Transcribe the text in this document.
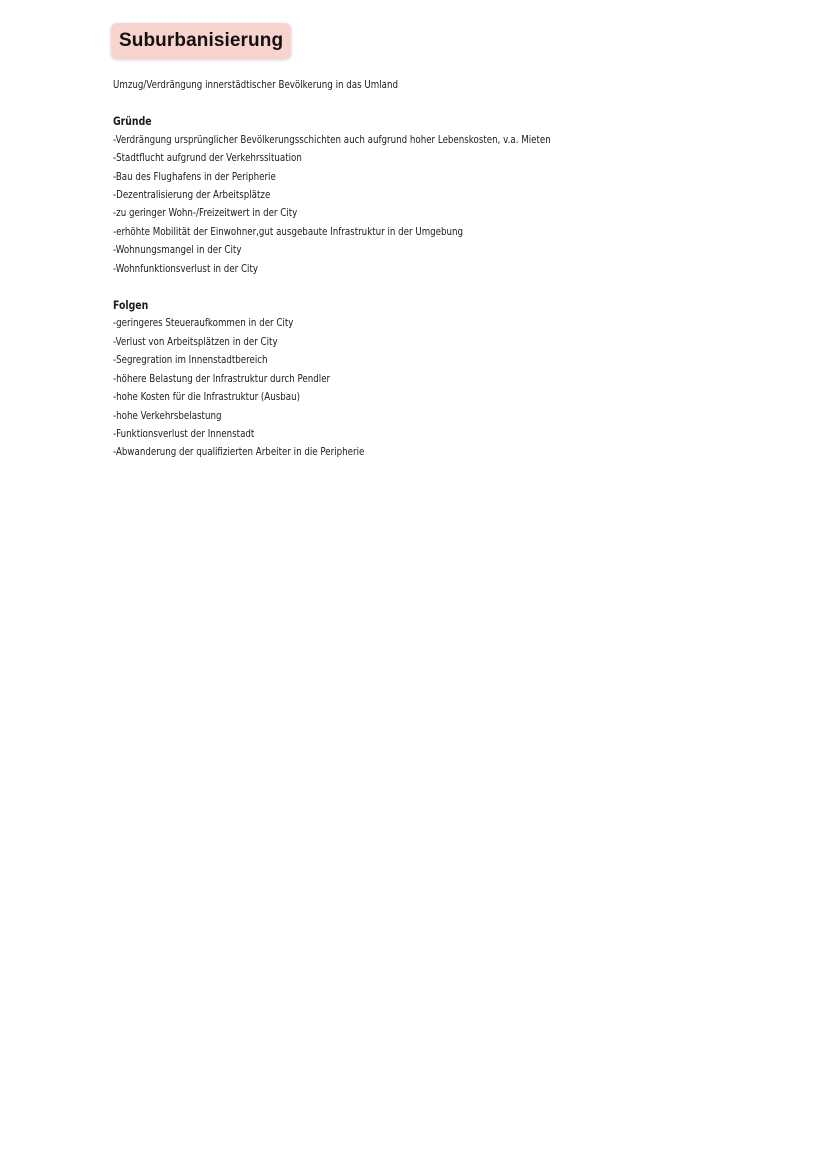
Suburbanisierung

Umzug/Verdrängung innerstädtischer Bevölkerung in das Umland

Gründe

-Verdrängung ursprünglicher Bevölkerungsschichten auch aufgrund hoher Lebenskosten, v.a. Mieten

-Stadtflucht aufgrund der Verkehrssituation

-Bau des Flughafens in der Peripherie

-Dezentralisierung der Arbeitsplätze

-zu geringer Wohn-/Freizeitwert in der City

-erhöhte Mobilität der Einwohner,gut ausgebaute Infrastruktur in der Umgebung

-Wohnungsmangel in der City

-Wohnfunktionsverlust in der City

Folgen

-geringeres Steueraufkommen in der City

-Verlust von Arbeitsplätzen in der City

-Segregration im Innenstadtbereich

-höhere Belastung der Infrastruktur durch Pendler

-hohe Kosten für die Infrastruktur (Ausbau)

-hohe Verkehrsbelastung

-Funktionsverlust der Innenstadt

-Abwanderung der qualifizierten Arbeiter in die Peripherie
